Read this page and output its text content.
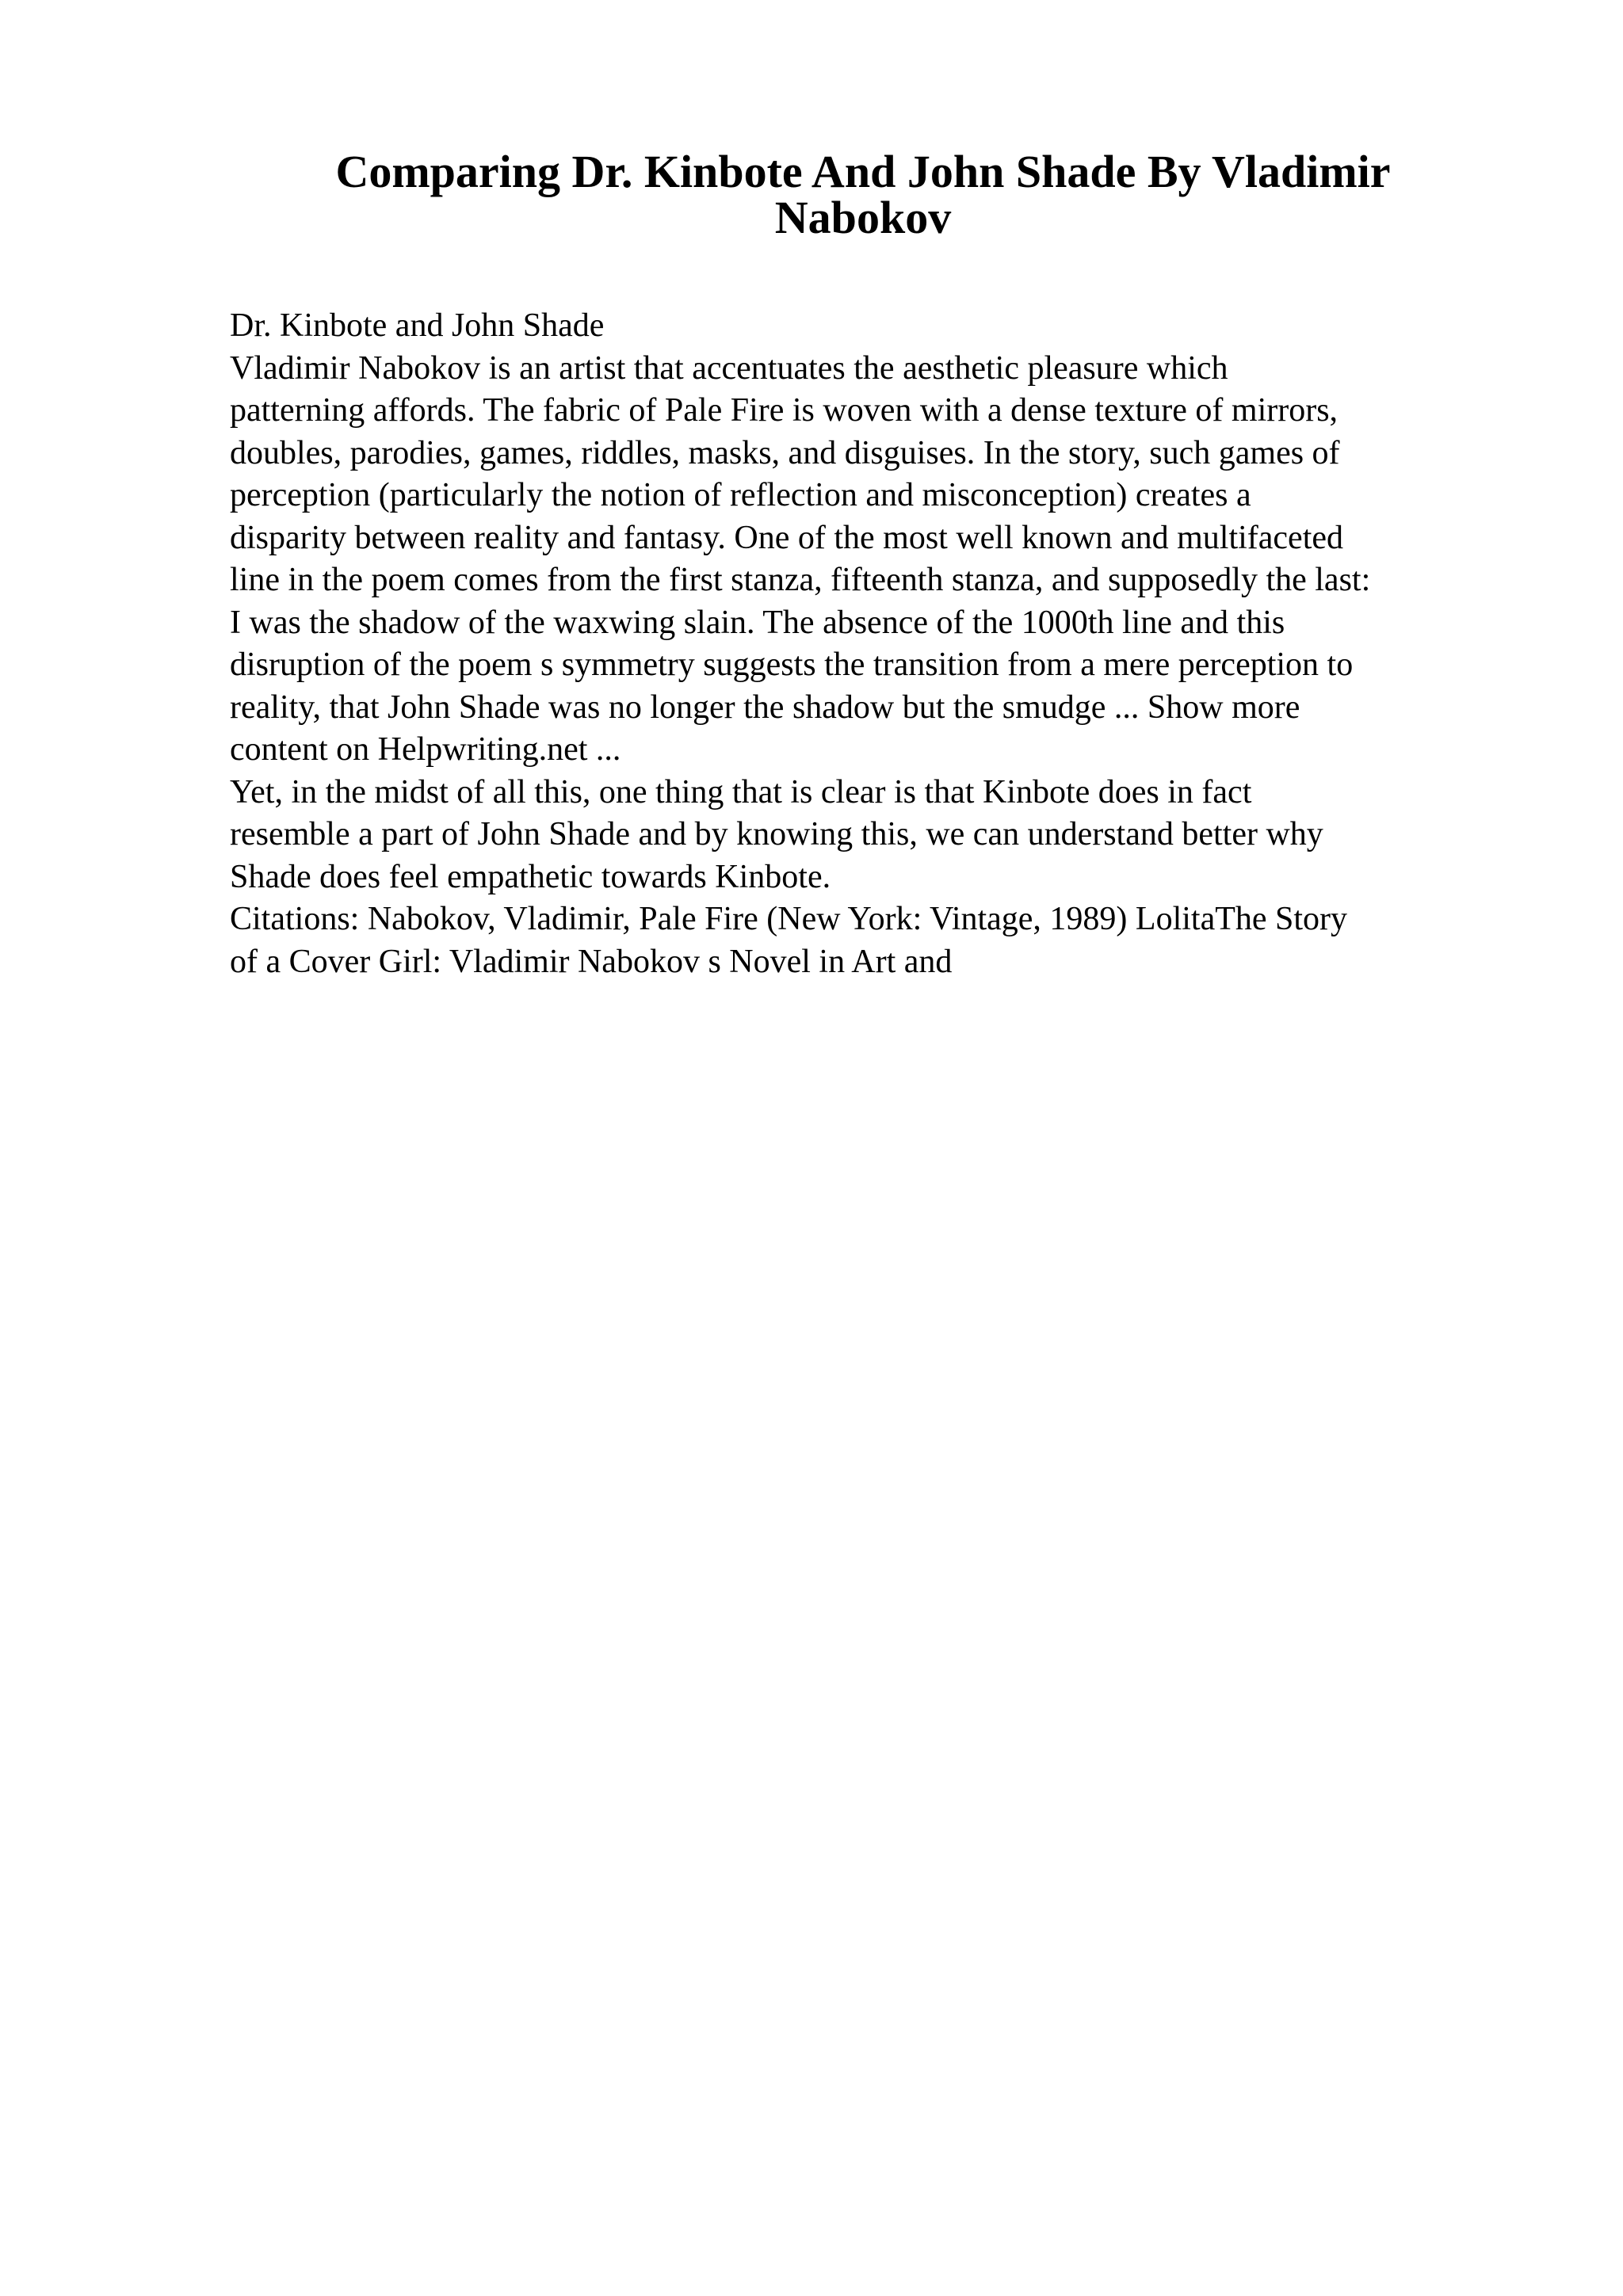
Comparing Dr. Kinbote And John Shade By Vladimir
Nabokov
Dr. Kinbote and John Shade
Vladimir Nabokov is an artist that accentuates the aesthetic pleasure which
patterning affords. The fabric of Pale Fire is woven with a dense texture of mirrors,
doubles, parodies, games, riddles, masks, and disguises. In the story, such games of
perception (particularly the notion of reflection and misconception) creates a
disparity between reality and fantasy. One of the most well known and multifaceted
line in the poem comes from the first stanza, fifteenth stanza, and supposedly the last:
I was the shadow of the waxwing slain. The absence of the 1000th line and this
disruption of the poem s symmetry suggests the transition from a mere perception to
reality, that John Shade was no longer the shadow but the smudge ... Show more
content on Helpwriting.net ...
Yet, in the midst of all this, one thing that is clear is that Kinbote does in fact
resemble a part of John Shade and by knowing this, we can understand better why
Shade does feel empathetic towards Kinbote.
Citations: Nabokov, Vladimir, Pale Fire (New York: Vintage, 1989) LolitaThe Story
of a Cover Girl: Vladimir Nabokov s Novel in Art and
